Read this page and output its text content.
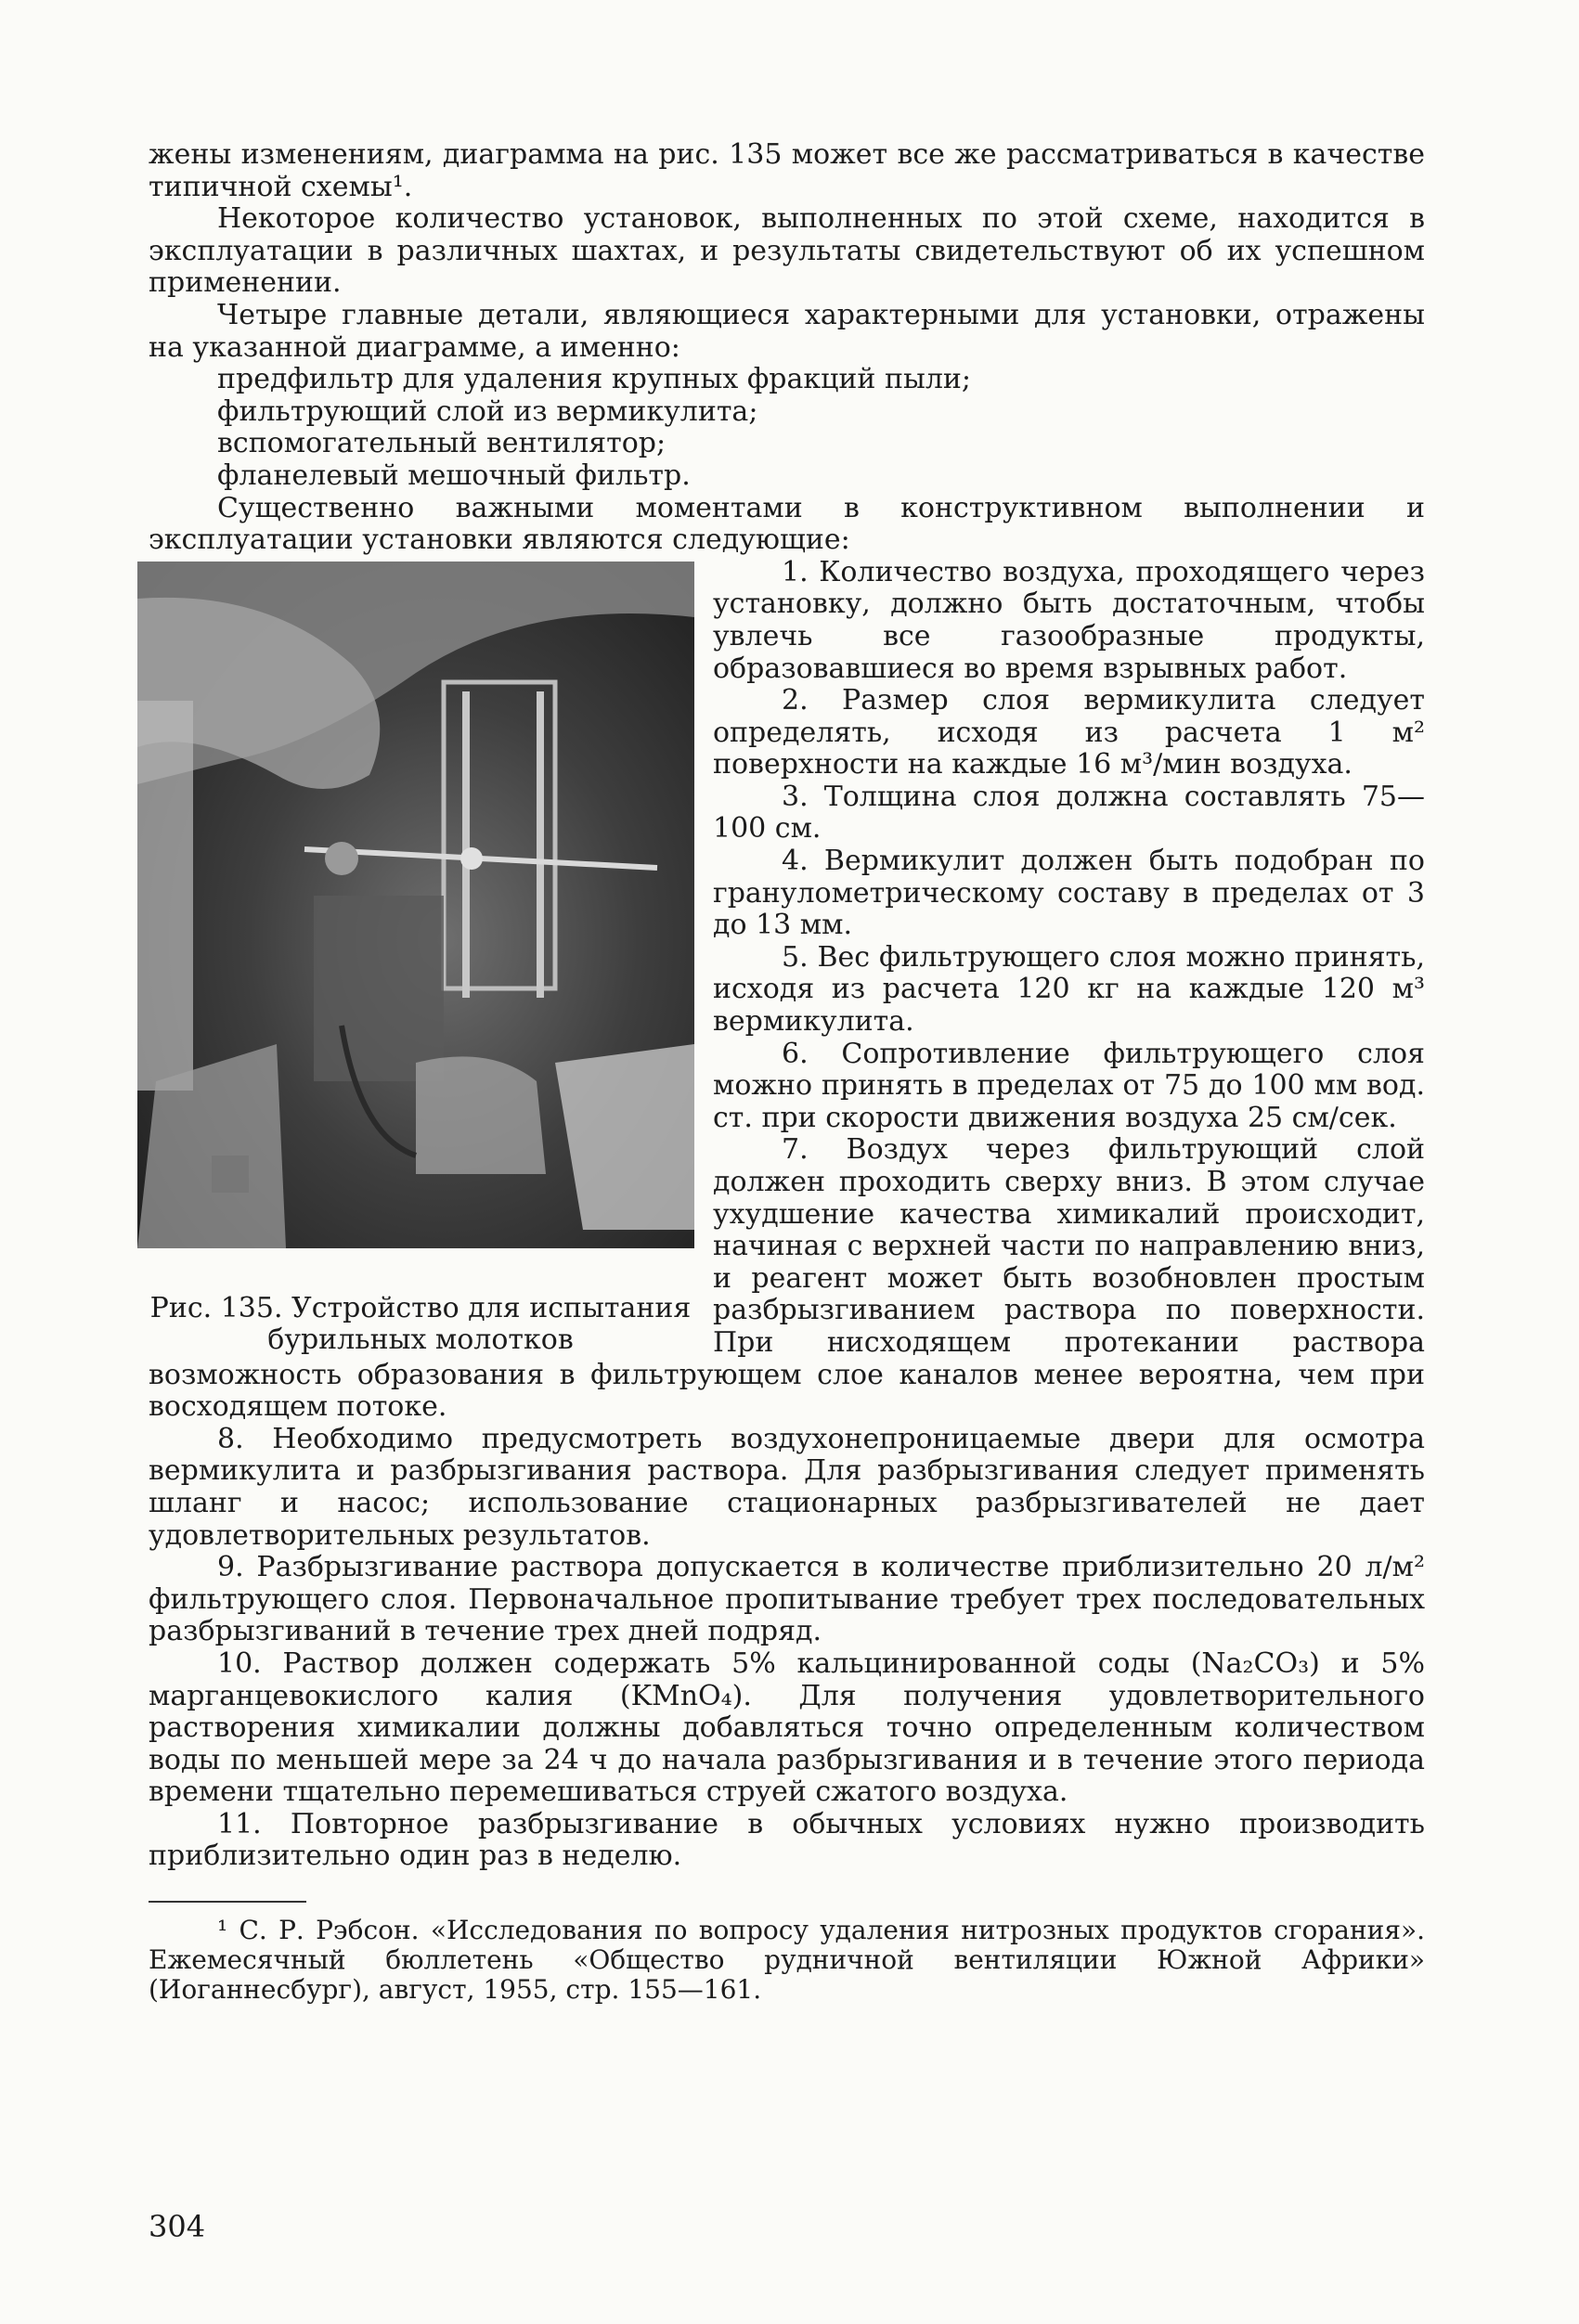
жены изменениям, диаграмма на рис. 135 может все же рассматриваться в качестве типичной схемы¹.

Некоторое количество установок, выполненных по этой схеме, находится в эксплуатации в различных шахтах, и результаты свидетельствуют об их успешном применении.

Четыре главные детали, являющиеся характерными для установки, отражены на указанной диаграмме, а именно:

предфильтр для удаления крупных фракций пыли;

фильтрующий слой из вермикулита;

вспомогательный вентилятор;

фланелевый мешочный фильтр.

Существенно важными моментами в конструктивном выполнении и эксплуатации установки являются следующие:

Рис. 135. Устройство для испытания бурильных молотков

1. Количество воздуха, проходящего через установку, должно быть достаточным, чтобы увлечь все газообразные продукты, образовавшиеся во время взрывных работ.

2. Размер слоя вермикулита следует определять, исходя из расчета 1 м² поверхности на каждые 16 м³/мин воздуха.

3. Толщина слоя должна составлять 75—100 см.

4. Вермикулит должен быть подобран по гранулометрическому составу в пределах от 3 до 13 мм.

5. Вес фильтрующего слоя можно принять, исходя из расчета 120 кг на каждые 120 м³ вермикулита.

6. Сопротивление фильтрующего слоя можно принять в пределах от 75 до 100 мм вод. ст. при скорости движения воздуха 25 см/сек.

7. Воздух через фильтрующий слой должен проходить сверху вниз. В этом случае ухудшение качества химикалий происходит, начиная с верхней части по направлению вниз, и реагент может быть возобновлен простым разбрызгиванием раствора по поверхности. При нисходящем протекании раствора возможность образования в фильтрующем слое каналов менее вероятна, чем при восходящем потоке.

8. Необходимо предусмотреть воздухонепроницаемые двери для осмотра вермикулита и разбрызгивания раствора. Для разбрызгивания следует применять шланг и насос; использование стационарных разбрызгивателей не дает удовлетворительных результатов.

9. Разбрызгивание раствора допускается в количестве приблизительно 20 л/м² фильтрующего слоя. Первоначальное пропитывание требует трех последовательных разбрызгиваний в течение трех дней подряд.

10. Раствор должен содержать 5% кальцинированной соды (Na₂CO₃) и 5% марганцевокислого калия (KMnO₄). Для получения удовлетворительного растворения химикалии должны добавляться точно определенным количеством воды по меньшей мере за 24 ч до начала разбрызгивания и в течение этого периода времени тщательно перемешиваться струей сжатого воздуха.

11. Повторное разбрызгивание в обычных условиях нужно производить приблизительно один раз в неделю.

¹ С. Р. Рэбсон. «Исследования по вопросу удаления нитрозных продуктов сгорания». Ежемесячный бюллетень «Общество рудничной вентиляции Южной Африки» (Иоганнесбург), август, 1955, стр. 155—161.

304
